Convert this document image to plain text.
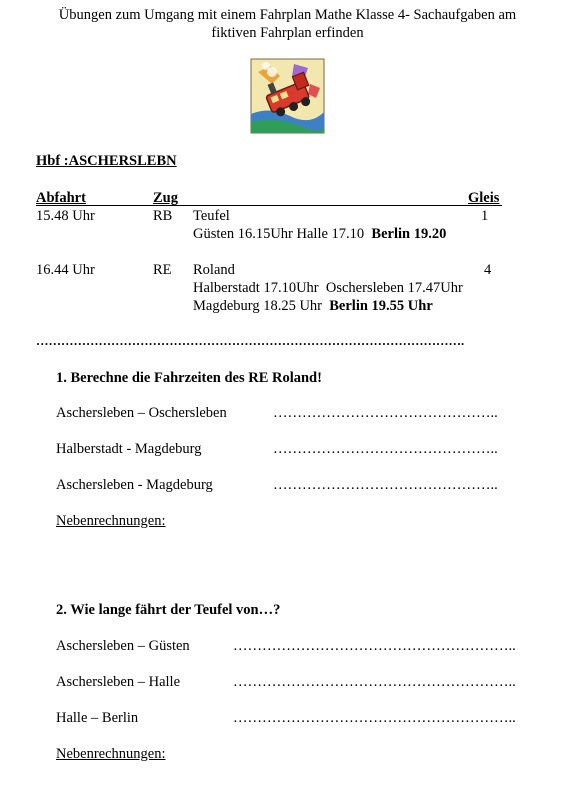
Übungen zum Umgang mit einem Fahrplan Mathe Klasse 4- Sachaufgaben am
fiktiven Fahrplan erfinden
Hbf :ASCHERSLEBN
Abfahrt	Zug	Gleis
15.48 Uhr	RB Teufel	1
Güsten 16.15Uhr Halle 17.10  Berlin 19.20
16.44 Uhr	RE Roland	4
Halberstadt 17.10Uhr  Oschersleben 17.47Uhr
Magdeburg 18.25 Uhr  Berlin 19.55 Uhr
………………………………………………………………………………………….
1. Berechne die Fahrzeiten des RE Roland!
Aschersleben – Oschersleben	………………………………………..
Halberstadt - Magdeburg	………………………………………..
Aschersleben - Magdeburg	………………………………………..
Nebenrechnungen:
2. Wie lange fährt der Teufel von…?
Aschersleben – Güsten	…………………………………………………..
Aschersleben – Halle	…………………………………………………..
Halle – Berlin	…………………………………………………..
Nebenrechnungen:
